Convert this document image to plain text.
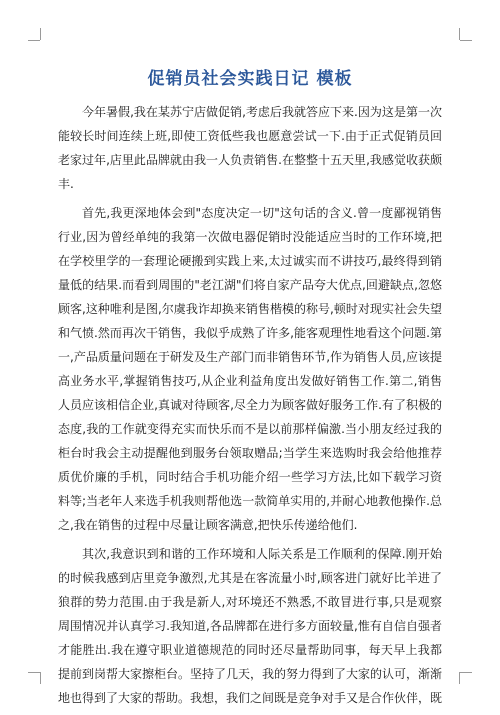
促销员社会实践日记 模板

今年暑假,我在某苏宁店做促销,考虑后我就答应下来.因为这是第一次能较长时间连续上班,即使工资低些我也愿意尝试一下.由于正式促销员回老家过年,店里此品牌就由我一人负责销售.在整整十五天里,我感觉收获颇丰.

首先,我更深地体会到"态度决定一切"这句话的含义.曾一度鄙视销售行业,因为曾经单纯的我第一次做电器促销时没能适应当时的工作环境,把在学校里学的一套理论硬搬到实践上来,太过诚实而不讲技巧,最终得到销量低的结果.而看到周围的"老江湖"们将自家产品夸大优点,回避缺点,忽悠顾客,这种唯利是图,尔虞我诈却换来销售楷模的称号,顿时对现实社会失望和气愤.然而再次干销售，我似乎成熟了许多,能客观理性地看这个问题.第一,产品质量问题在于研发及生产部门而非销售环节,作为销售人员,应该提高业务水平,掌握销售技巧,从企业利益角度出发做好销售工作.第二,销售人员应该相信企业,真诚对待顾客,尽全力为顾客做好服务工作.有了积极的态度,我的工作就变得充实而快乐而不是以前那样偏激.当小朋友经过我的柜台时我会主动提醒他到服务台领取赠品;当学生来选购时我会给他推荐质优价廉的手机，同时结合手机功能介绍一些学习方法,比如下载学习资料等;当老年人来选手机我则帮他选一款简单实用的,并耐心地教他操作.总之,我在销售的过程中尽量让顾客满意,把快乐传递给他们.

其次,我意识到和谐的工作环境和人际关系是工作顺利的保障.刚开始的时候我感到店里竞争激烈,尤其是在客流量小时,顾客进门就好比羊进了狼群的势力范围.由于我是新人,对环境还不熟悉,不敢冒进行事,只是观察周围情况并认真学习.我知道,各品牌都在进行多方面较量,惟有自信自强者才能胜出.我在遵守职业道德规范的同时还尽量帮助同事，每天早上我都提前到岗帮大家擦柜台。坚持了几天，我的努力得到了大家的认可，渐渐地也得到了大家的帮助。我想，我们之间既是竞争对手又是合作伙伴，既
